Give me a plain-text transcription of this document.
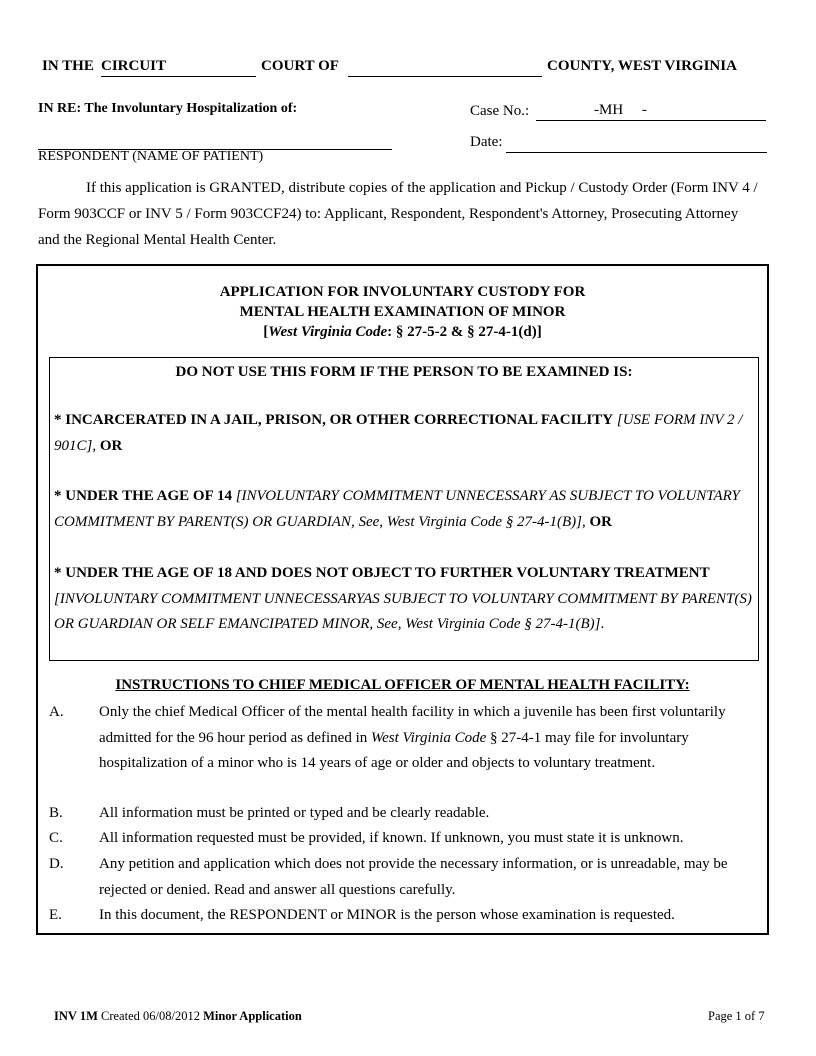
IN THE CIRCUIT	COURT OF	COUNTY, WEST VIRGINIA
IN RE: The Involuntary Hospitalization of:
RESPONDENT (NAME OF PATIENT)
Case No.:	-MH     -
Date:
If this application is GRANTED, distribute copies of the application and Pickup / Custody Order (Form INV 4 / Form 903CCF or INV 5 / Form 903CCF24) to: Applicant, Respondent, Respondent's Attorney, Prosecuting Attorney and the Regional Mental Health Center.
APPLICATION FOR INVOLUNTARY CUSTODY FOR
MENTAL HEALTH EXAMINATION OF MINOR
[West Virginia Code: § 27-5-2 & § 27-4-1(d)]
DO NOT USE THIS FORM IF THE PERSON TO BE EXAMINED IS:
* INCARCERATED IN A JAIL, PRISON, OR OTHER CORRECTIONAL FACILITY [USE FORM INV 2 / 901C], OR
* UNDER THE AGE OF 14 [INVOLUNTARY COMMITMENT UNNECESSARY AS SUBJECT TO VOLUNTARY COMMITMENT BY PARENT(S) OR GUARDIAN, See, West Virginia Code § 27-4-1(B)], OR
* UNDER THE AGE OF 18 AND DOES NOT OBJECT TO FURTHER VOLUNTARY TREATMENT [INVOLUNTARY COMMITMENT UNNECESSARYAS SUBJECT TO VOLUNTARY COMMITMENT BY PARENT(S) OR GUARDIAN OR SELF EMANCIPATED MINOR, See, West Virginia Code § 27-4-1(B)].
INSTRUCTIONS TO CHIEF MEDICAL OFFICER OF MENTAL HEALTH FACILITY:
A. Only the chief Medical Officer of the mental health facility in which a juvenile has been first voluntarily admitted for the 96 hour period as defined in West Virginia Code § 27-4-1 may file for involuntary hospitalization of a minor who is 14 years of age or older and objects to voluntary treatment.
B. All information must be printed or typed and be clearly readable.
C. All information requested must be provided, if known. If unknown, you must state it is unknown.
D. Any petition and application which does not provide the necessary information, or is unreadable, may be rejected or denied. Read and answer all questions carefully.
E. In this document, the RESPONDENT or MINOR is the person whose examination is requested.
INV 1M Created 06/08/2012 Minor Application	Page 1 of 7
